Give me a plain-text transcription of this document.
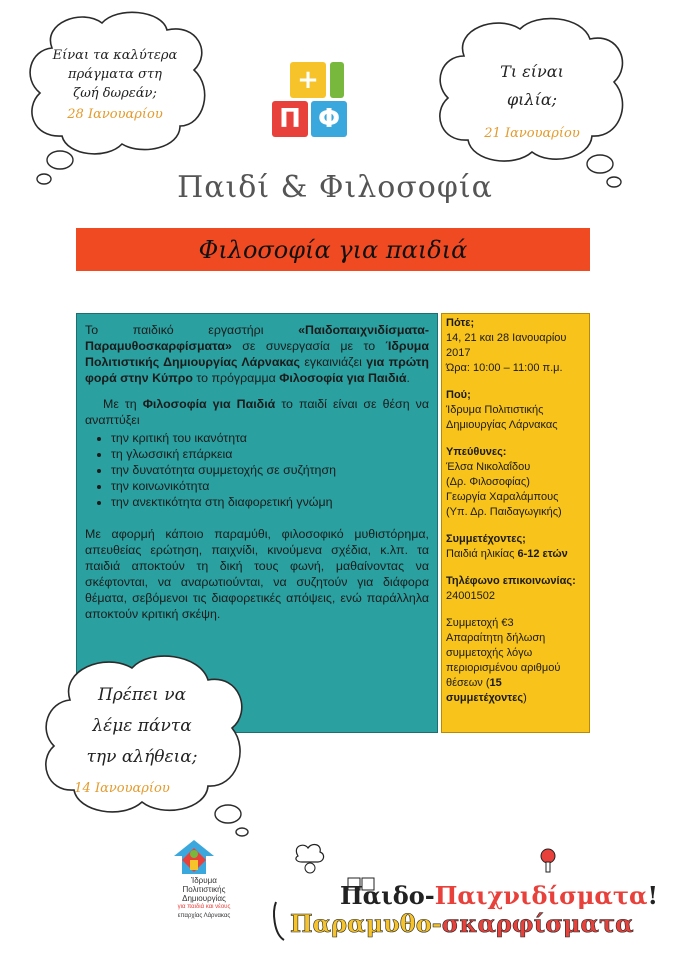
Είναι τα καλύτερα
πράγματα στη
ζωή δωρεάν;
28 Ιανουαρίου
Τι είναι
φιλία;
21 Ιανουαρίου
+
Π Φ
Παιδί & Φιλοσοφία
Φιλοσοφία για παιδιά

Το παιδικό εργαστήρι «Παιδοπαιχνιδίσματα-Παραμυθοσκαρφίσματα» σε συνεργασία με το Ίδρυμα Πολιτιστικής Δημιουργίας Λάρνακας εγκαινιάζει για πρώτη φορά στην Κύπρο το πρόγραμμα Φιλοσοφία για Παιδιά.

Με τη Φιλοσοφία για Παιδιά το παιδί είναι σε θέση να αναπτύξει

• την κριτική του ικανότητα
• τη γλωσσική επάρκεια
• την δυνατότητα συμμετοχής σε συζήτηση
• την κοινωνικότητα
• την ανεκτικότητα στη διαφορετική γνώμη

Με αφορμή κάποιο παραμύθι, φιλοσοφικό μυθιστόρημα, απευθείας ερώτηση, παιχνίδι, κινούμενα σχέδια, κ.λπ. τα παιδιά αποκτούν τη δική τους φωνή, μαθαίνοντας να σκέφτονται, να αναρωτιούνται, να συζητούν για διάφορα θέματα, σεβόμενοι τις διαφορετικές απόψεις, ενώ παράλληλα αποκτούν κριτική σκέψη.

Πότε;
14, 21 και 28 Ιανουαρίου 2017
Ώρα: 10:00 – 11:00 π.μ.
Πού;
Ίδρυμα Πολιτιστικής Δημιουργίας Λάρνακας
Υπεύθυνες:
Έλσα Νικολαΐδου
(Δρ. Φιλοσοφίας)
Γεωργία Χαραλάμπους
(Υπ. Δρ. Παιδαγωγικής)
Συμμετέχοντες;
Παιδιά ηλικίας 6-12 ετών
Τηλέφωνο επικοινωνίας:
24001502
Συμμετοχή €3
Απαραίτητη δήλωση συμμετοχής λόγω περιορισμένου αριθμού θέσεων (15 συμμετέχοντες)
Πρέπει να
λέμε πάντα
την αλήθεια;
14 Ιανουαρίου
Ίδρυμα
Πολιτιστικής
Δημιουργίας
για παιδιά και νέους
επαρχίας Λάρνακας
Παιδο-Παιχνιδίσματα!
Παραμυθο-σκαρφίσματα
